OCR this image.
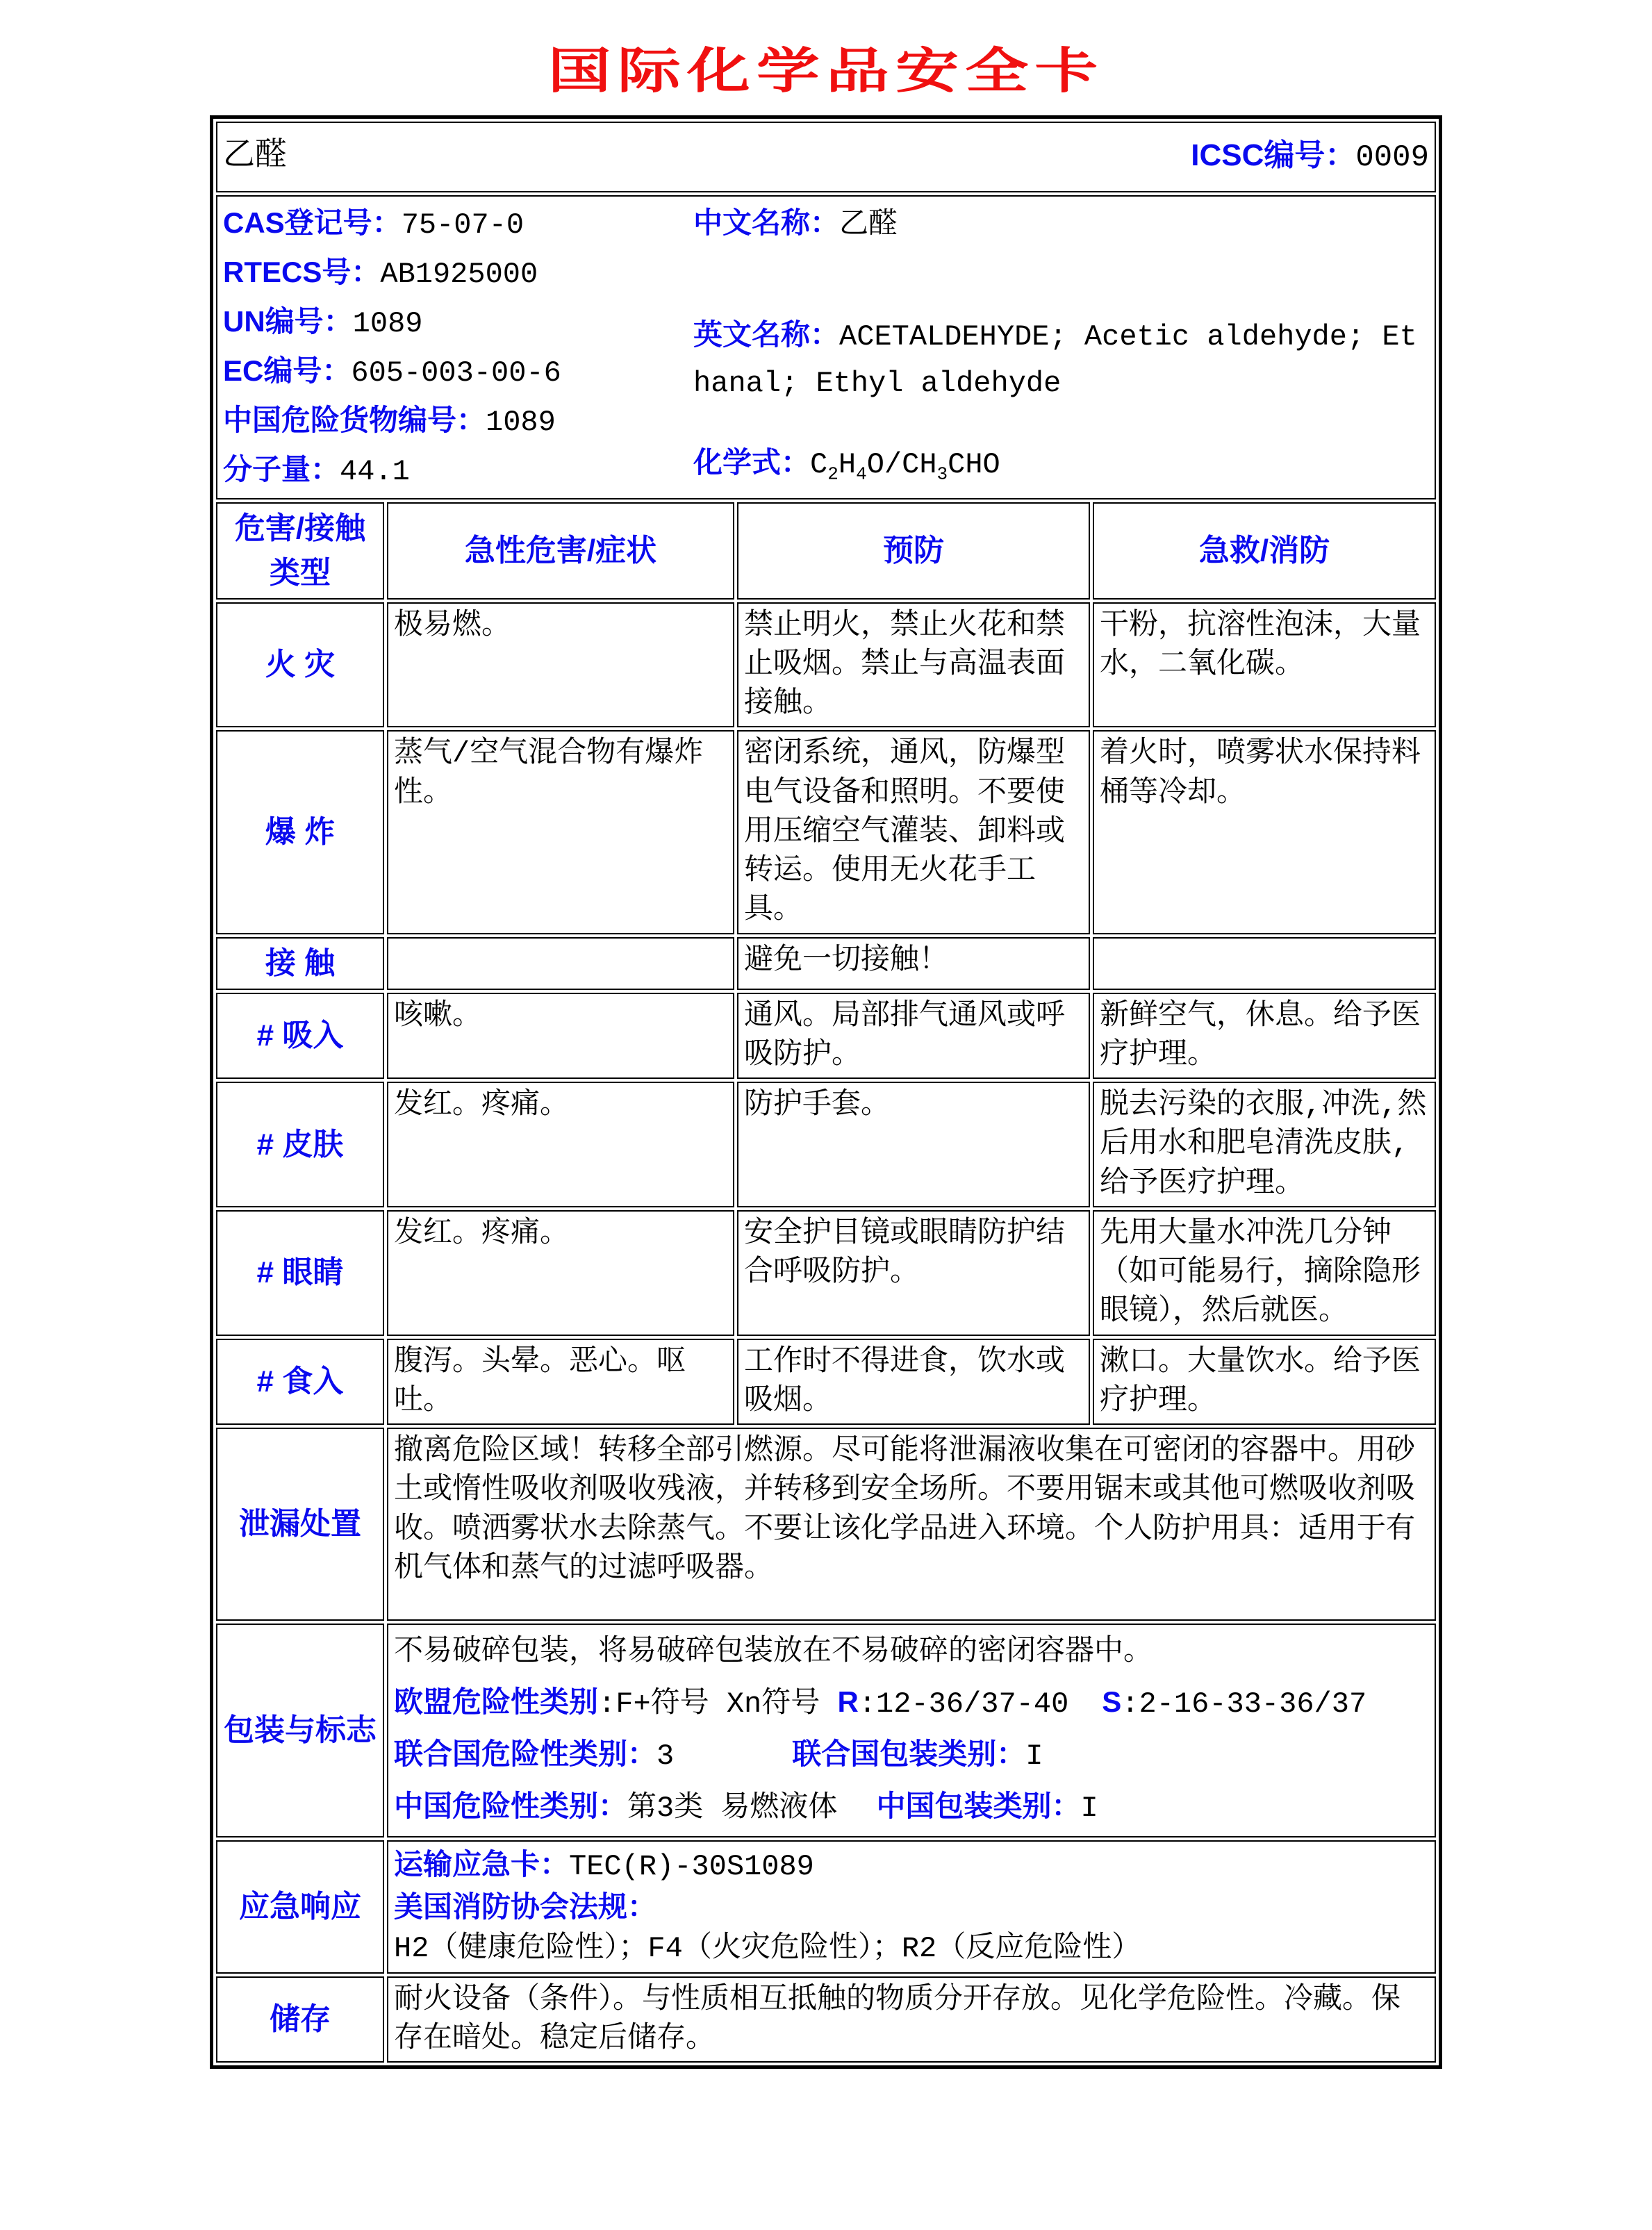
国际化学品安全卡
乙醛 ICSC编号：0009			

CAS登记号：75-07-0
RTECS号：AB1925000
UN编号：1089
EC编号：605-003-00-6
中国危险货物编号：1089
分子量：44.1
中文名称：乙醛
英文名称：ACETALDEHYDE; Acetic aldehyde; Ethanal; Ethyl aldehyde
化学式：$C_2H_4O/CH_3CHO$

危害/接触类型	急性危害/症状	预防	急救/消防
火 灾	极易燃。	禁止明火，禁止火花和禁止吸烟。禁止与高温表面接触。	干粉，抗溶性泡沫，大量水，二氧化碳。
爆 炸	蒸气/空气混合物有爆炸性。	密闭系统，通风，防爆型电气设备和照明。不要使用压缩空气灌装、卸料或转运。使用无火花手工具。	着火时，喷雾状水保持料桶等冷却。
接 触		避免一切接触！	
# 吸入	咳嗽。	通风。局部排气通风或呼吸防护。	新鲜空气，休息。给予医疗护理。
# 皮肤	发红。疼痛。	防护手套。	脱去污染的衣服,冲洗,然后用水和肥皂清洗皮肤,给予医疗护理。
# 眼睛	发红。疼痛。	安全护目镜或眼睛防护结合呼吸防护。	先用大量水冲洗几分钟（如可能易行，摘除隐形眼镜），然后就医。
# 食入	腹泻。头晕。恶心。呕吐。	工作时不得进食，饮水或吸烟。	漱口。大量饮水。给予医疗护理。
泄漏处置	撤离危险区域！转移全部引燃源。尽可能将泄漏液收集在可密闭的容器中。用砂土或惰性吸收剂吸收残液，并转移到安全场所。不要用锯末或其他可燃吸收剂吸收。喷洒雾状水去除蒸气。不要让该化学品进入环境。个人防护用具：适用于有机气体和蒸气的过滤呼吸器。		
包装与标志	不易破碎包装，将易破碎包装放在不易破碎的密闭容器中。
欧盟危险性类别:F+符号 Xn符号 R:12-36/37-40 S:2-16-33-36/37
联合国危险性类别：3 联合国包装类别：I
中国危险性类别：第3类 易燃液体 中国包装类别：I		

应急响应	运输应急卡：TEC(R)-30S1089
美国消防协会法规：H2（健康危险性）；F4（火灾危险性）；R2（反应危险性）		

储存	耐火设备（条件）。与性质相互抵触的物质分开存放。见化学危险性。冷藏。保存在暗处。稳定后储存。		
